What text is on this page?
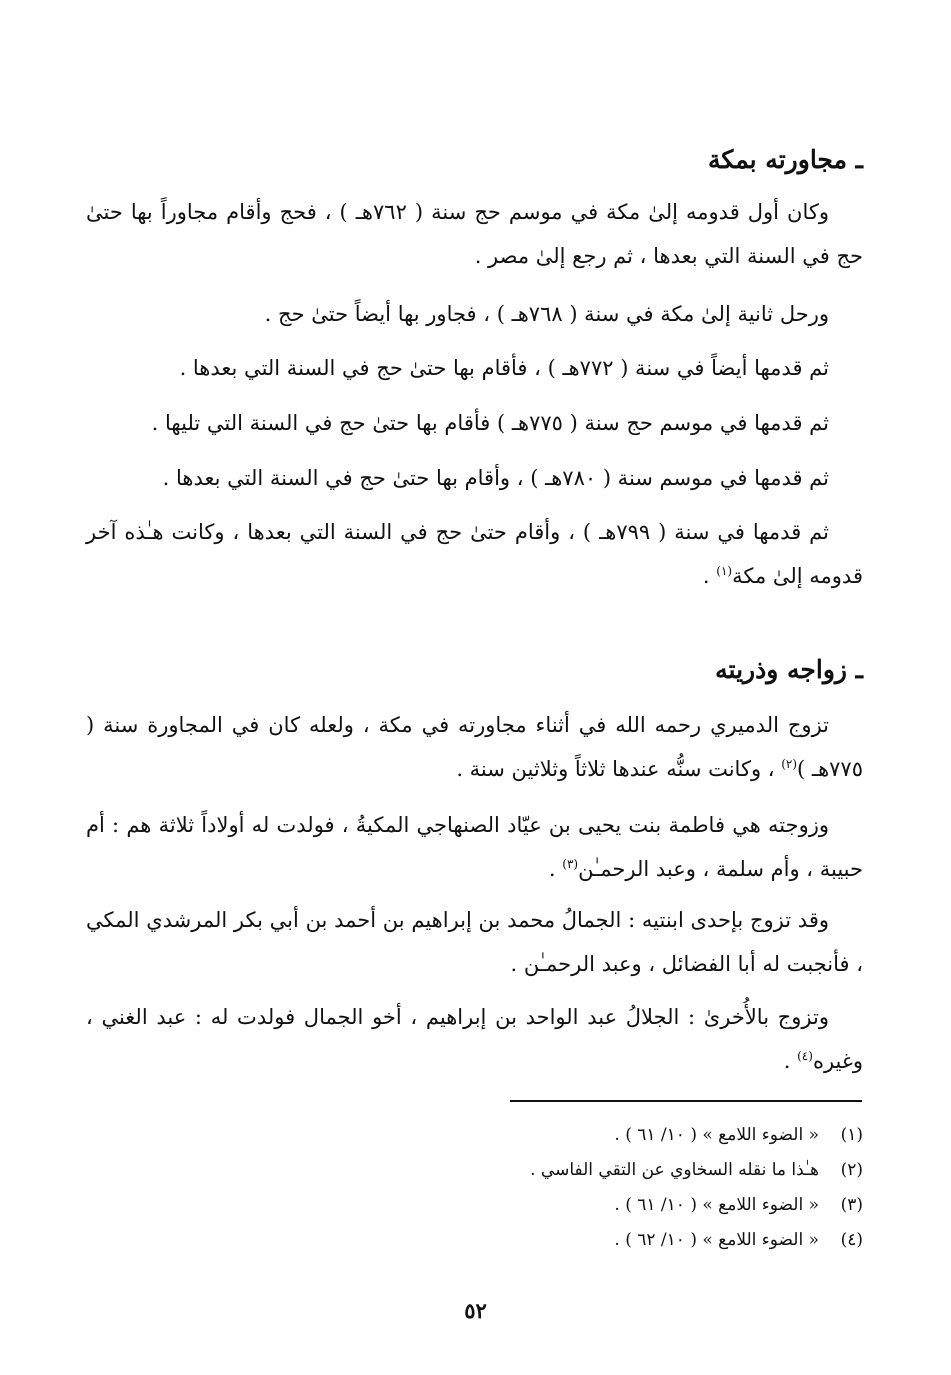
ـ مجاورته بمكة

وكان أول قدومه إلىٰ مكة في موسم حج سنة ( ٧٦٢هـ ) ، فحج وأقام مجاوراً بها حتىٰ حج في السنة التي بعدها ، ثم رجع إلىٰ مصر .

ورحل ثانية إلىٰ مكة في سنة ( ٧٦٨هـ ) ، فجاور بها أيضاً حتىٰ حج .

ثم قدمها أيضاً في سنة ( ٧٧٢هـ ) ، فأقام بها حتىٰ حج في السنة التي بعدها .

ثم قدمها في موسم حج سنة ( ٧٧٥هـ ) فأقام بها حتىٰ حج في السنة التي تليها .

ثم قدمها في موسم سنة ( ٧٨٠هـ ) ، وأقام بها حتىٰ حج في السنة التي بعدها .

ثم قدمها في سنة ( ٧٩٩هـ ) ، وأقام حتىٰ حج في السنة التي بعدها ، وكانت هـٰذه آخر قدومه إلىٰ مكة$^{(١)}$ .

ـ زواجه وذريته

تزوج الدميري رحمه الله في أثناء مجاورته في مكة ، ولعله كان في المجاورة سنة ( ٧٧٥هـ )$^{(٢)}$ ، وكانت سنُّه عندها ثلاثاً وثلاثين سنة .

وزوجته هي فاطمة بنت يحيى بن عيّاد الصنهاجي المكيةُ ، فولدت له أولاداً ثلاثة هم : أم حبيبة ، وأم سلمة ، وعبد الرحمـٰن$^{(٣)}$ .

وقد تزوج بإحدى ابنتيه : الجمالُ محمد بن إبراهيم بن أحمد بن أبي بكر المرشدي المكي ، فأنجبت له أبا الفضائل ، وعبد الرحمـٰن .

وتزوج بالأُخرىٰ : الجلالُ عبد الواحد بن إبراهيم ، أخو الجمال فولدت له : عبد الغني ، وغيره$^{(٤)}$ .

(١)« الضوء اللامع » ( ١٠/ ٦١ ) .
(٢)هـٰذا ما نقله السخاوي عن التقي الفاسي .
(٣)« الضوء اللامع » ( ١٠/ ٦١ ) .
(٤)« الضوء اللامع » ( ١٠/ ٦٢ ) .
٥٢
